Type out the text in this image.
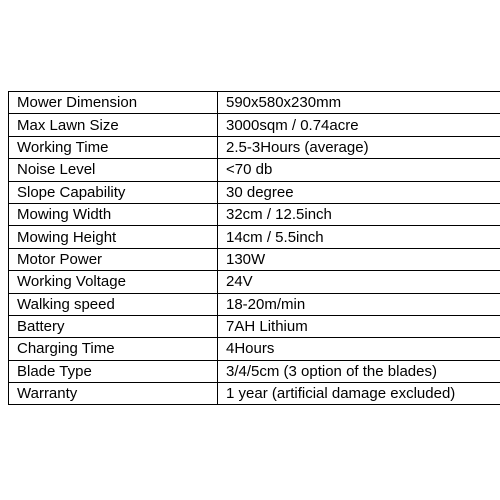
Mower Dimension	590x580x230mm
Max Lawn Size	3000sqm / 0.74acre
Working Time	2.5-3Hours (average)
Noise Level	<70 db
Slope Capability	30 degree
Mowing Width	32cm / 12.5inch
Mowing Height	14cm / 5.5inch
Motor Power	130W
Working Voltage	24V
Walking speed	18-20m/min
Battery	7AH Lithium
Charging Time	4Hours
Blade Type	3/4/5cm (3 option of the blades)
Warranty	1 year (artificial damage excluded)
